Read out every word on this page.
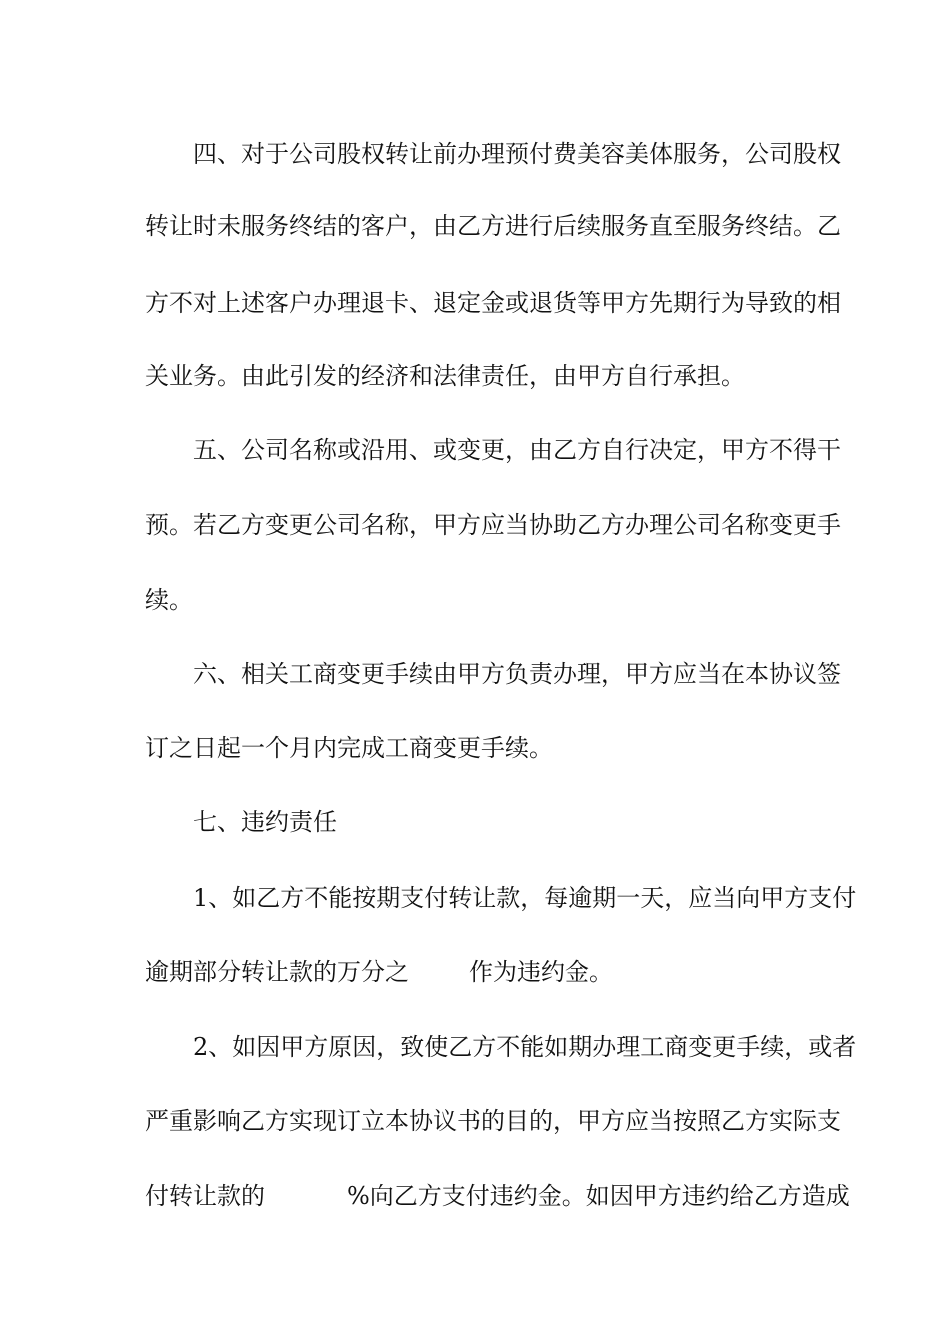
四、对于公司股权转让前办理预付费美容美体服务，公司股权
转让时未服务终结的客户，由乙方进行后续服务直至服务终结。乙
方不对上述客户办理退卡、退定金或退货等甲方先期行为导致的相
关业务。由此引发的经济和法律责任，由甲方自行承担。
五、公司名称或沿用、或变更，由乙方自行决定，甲方不得干
预。若乙方变更公司名称，甲方应当协助乙方办理公司名称变更手
续。
六、相关工商变更手续由甲方负责办理，甲方应当在本协议签
订之日起一个月内完成工商变更手续。
七、违约责任
1、如乙方不能按期支付转让款，每逾期一天，应当向甲方支付
逾期部分转让款的万分之	作为违约金。
2、如因甲方原因，致使乙方不能如期办理工商变更手续，或者
严重影响乙方实现订立本协议书的目的，甲方应当按照乙方实际支
付转让款的	%向乙方支付违约金。如因甲方违约给乙方造成
